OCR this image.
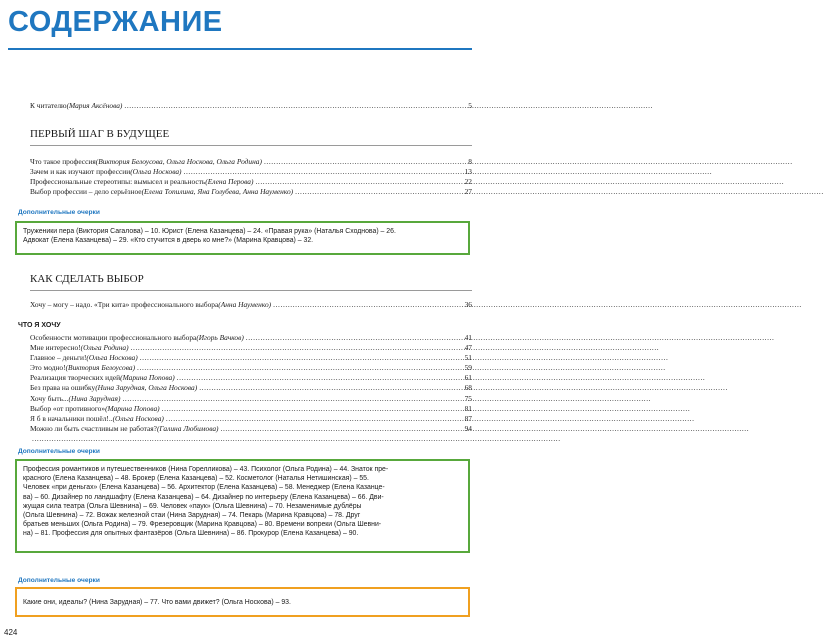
СОДЕРЖАНИЕ
К читателю (Мария Аксёнова) .....	5
ПЕРВЫЙ ШАГ В БУДУЩЕЕ
Что такое профессия (Виктория Белоусова, Ольга Носкова, Ольга Родина) .....	8
Зачем и как изучают профессии (Ольга Носкова) .....	13
Профессиональные стереотипы: вымысел и реальность (Елена Перова) .....	22
Выбор профессии – дело серьёзное (Елена Топилина, Яна Голубева, Анна Науменко) .....	27
Дополнительные очерки
Труженики пера (Виктория Сагалова) – 10. Юрист (Елена Казанцева) – 24. «Правая рука» (Наталья Сходнова) – 26.
Адвокат (Елена Казанцева) – 29. «Кто стучится в дверь ко мне?» (Марина Кравцова) – 32.
КАК СДЕЛАТЬ ВЫБОР
Хочу – могу – надо. «Три кита» профессионального выбора (Анна Науменко) .....	36
ЧТО Я ХОЧУ
Особенности мотивации профессионального выбора (Игорь Вачков) .....	41
Мне интересно! (Ольга Родина) .....	47
Главное – деньги! (Ольга Носкова) .....	51
Это модно! (Виктория Белоусова) .....	59
Реализация творческих идей (Марина Попова) .....	61
Без права на ошибку (Нина Зарудная, Ольга Носкова) .....	68
Хочу быть... (Нина Зарудная) .....	75
Выбор «от противного» (Марина Попова) .....	81
Я б в начальники пошёл!.. (Ольга Носкова) .....	87
Можно ли быть счастливым не работая? (Галина Любимова) .....	94
.....
Дополнительные очерки
Профессия романтиков и путешественников (Нина Горелликова) – 43. Психолог (Ольга Родина) – 44. Знаток пре-
красного (Елена Казанцева) – 48. Брокер (Елена Казанцева) – 52. Косметолог (Наталья Нетишинская) – 55.
Человек «при деньгах» (Елена Казанцева) – 56. Архитектор (Елена Казанцева) – 58. Менеджер (Елена Казанце-
ва) – 60. Дизайнер по ландшафту (Елена Казанцева) – 64. Дизайнер по интерьеру (Елена Казанцева) – 66. Дви-
жущая сила театра (Ольга Шевнина) – 69. Человек «паук» (Ольга Шевнина) – 70. Незаменимые дублёры
(Ольга Шевнина) – 72. Вожак железной стаи (Нина Зарудная) – 74. Пекарь (Марина Кравцова) – 78. Друг
братьев меньших (Ольга Родина) – 79. Фрезеровщик (Марина Кравцова) – 80. Времени вопреки (Ольга Шевни-
на) – 81. Профессия для опытных фантазёров (Ольга Шевнина) – 86. Прокурор (Елена Казанцева) – 90.
Дополнительные очерки
Какие они, идеалы? (Нина Зарудная) – 77. Что вами движет? (Ольга Носкова) – 93.
424
